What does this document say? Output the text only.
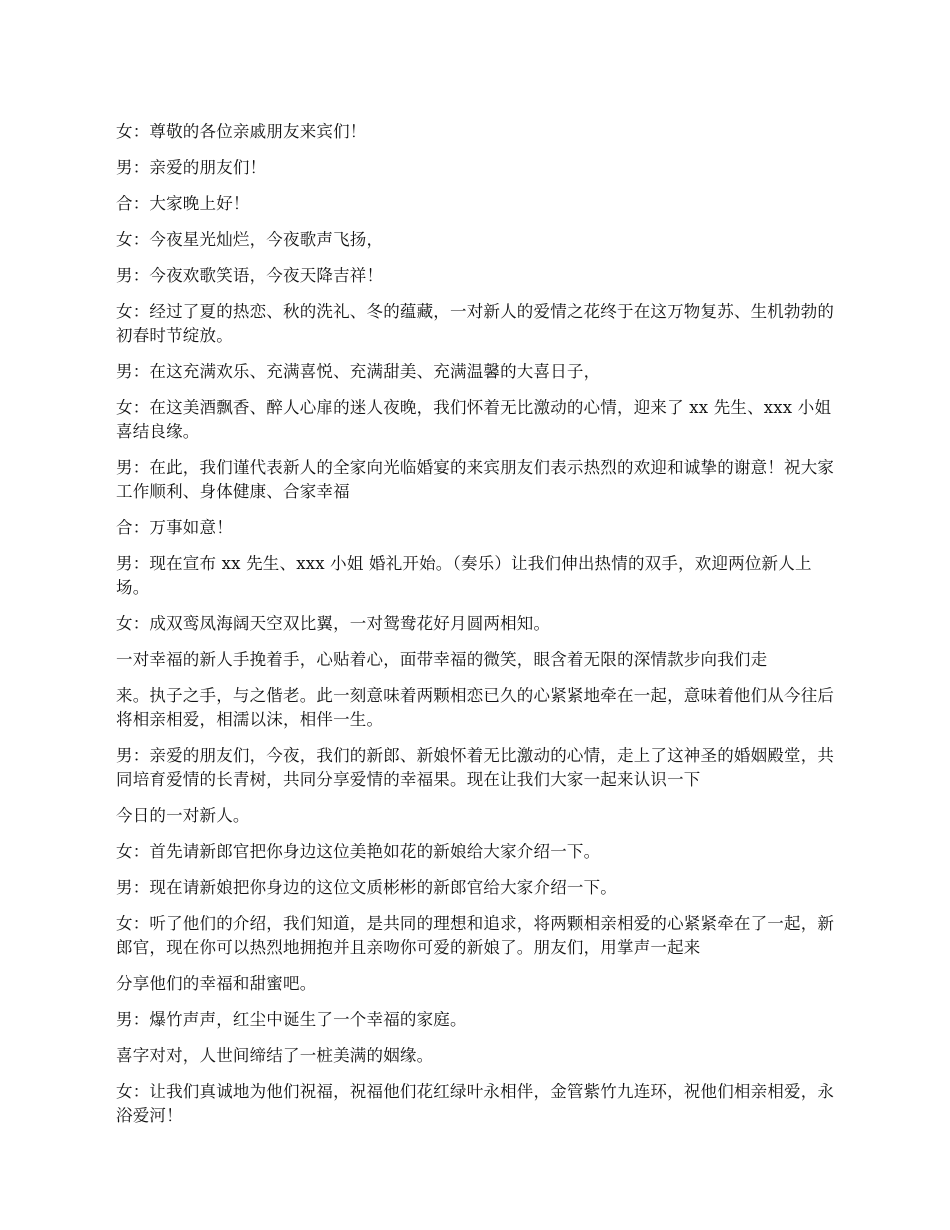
女：尊敬的各位亲戚朋友来宾们！

男：亲爱的朋友们！

合：大家晚上好！

女：今夜星光灿烂，今夜歌声飞扬，

男：今夜欢歌笑语，今夜天降吉祥！

女：经过了夏的热恋、秋的洗礼、冬的蕴藏，一对新人的爱情之花终于在这万物复苏、生机勃勃的初春时节绽放。

男：在这充满欢乐、充满喜悦、充满甜美、充满温馨的大喜日子，

女：在这美酒飘香、醉人心扉的迷人夜晚，我们怀着无比激动的心情，迎来了 xx 先生、xxx 小姐喜结良缘。

男：在此，我们谨代表新人的全家向光临婚宴的来宾朋友们表示热烈的欢迎和诚挚的谢意！祝大家工作顺利、身体健康、合家幸福

合：万事如意！

男：现在宣布 xx 先生、xxx 小姐 婚礼开始。（奏乐）让我们伸出热情的双手，欢迎两位新人上场。

女：成双鸾凤海阔天空双比翼，一对鸳鸯花好月圆两相知。

一对幸福的新人手挽着手，心贴着心，面带幸福的微笑，眼含着无限的深情款步向我们走

来。执子之手，与之偕老。此一刻意味着两颗相恋已久的心紧紧地牵在一起，意味着他们从今往后将相亲相爱，相濡以沫，相伴一生。

男：亲爱的朋友们，今夜，我们的新郎、新娘怀着无比激动的心情，走上了这神圣的婚姻殿堂，共同培育爱情的长青树，共同分享爱情的幸福果。现在让我们大家一起来认识一下

今日的一对新人。

女：首先请新郎官把你身边这位美艳如花的新娘给大家介绍一下。

男：现在请新娘把你身边的这位文质彬彬的新郎官给大家介绍一下。

女：听了他们的介绍，我们知道，是共同的理想和追求，将两颗相亲相爱的心紧紧牵在了一起，新郎官，现在你可以热烈地拥抱并且亲吻你可爱的新娘了。朋友们，用掌声一起来

分享他们的幸福和甜蜜吧。

男：爆竹声声，红尘中诞生了一个幸福的家庭。

喜字对对，人世间缔结了一桩美满的姻缘。

女：让我们真诚地为他们祝福，祝福他们花红绿叶永相伴，金管紫竹九连环，祝他们相亲相爱，永浴爱河！
